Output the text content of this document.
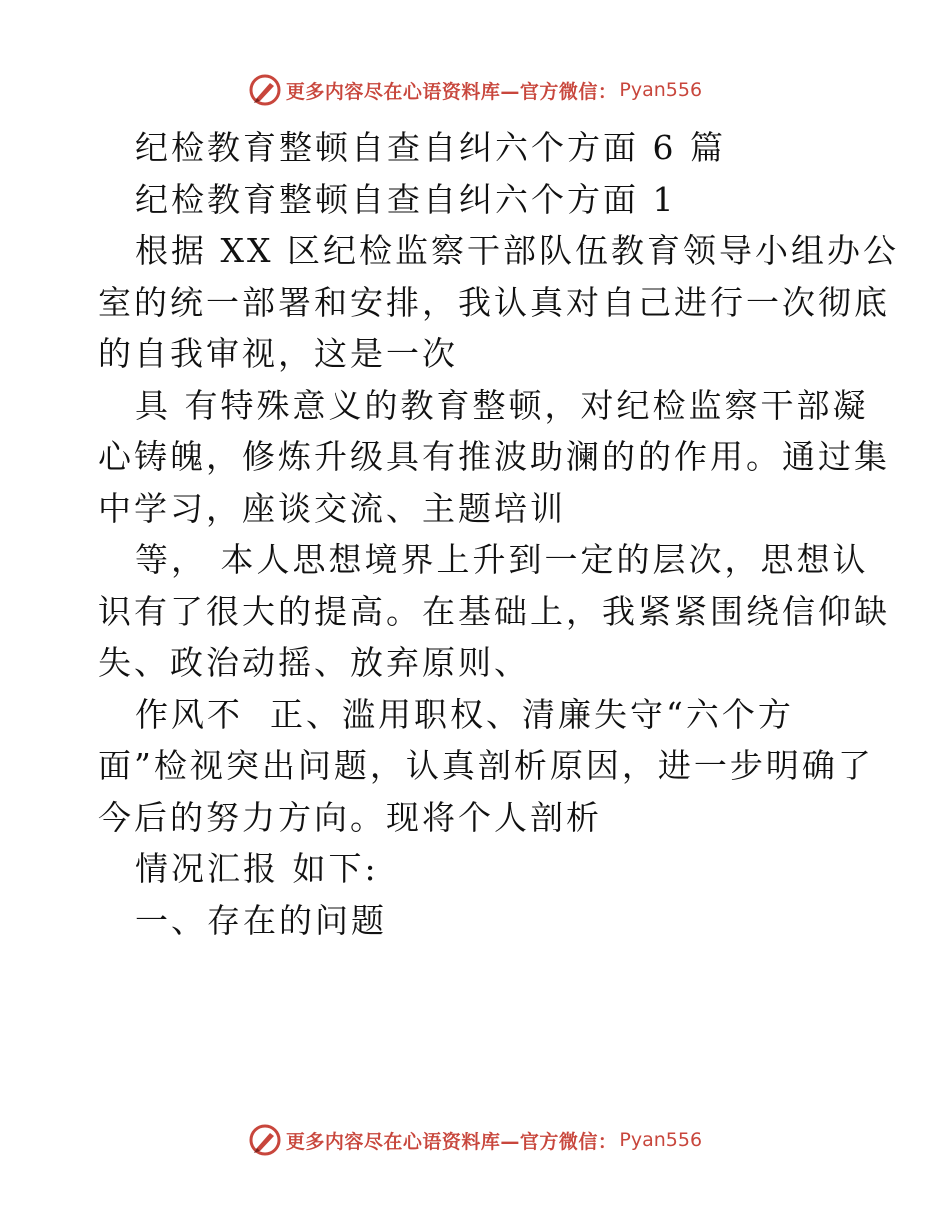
更多内容尽在心语资料库—官方微信： Pyan556
纪检教育整顿自查自纠六个方面 6 篇
纪检教育整顿自查自纠六个方面 1
根据 XX 区纪检监察干部队伍教育领导小组办公
室的统一部署和安排，我认真对自己进行一次彻底
的自我审视，这是一次
具 有特殊意义的教育整顿，对纪检监察干部凝
心铸魄，修炼升级具有推波助澜的的作用。通过集
中学习，座谈交流、主题培训
等， 本人思想境界上升到一定的层次，思想认
识有了很大的提高。在基础上，我紧紧围绕信仰缺
失、政治动摇、放弃原则、
作风不  正、滥用职权、清廉失守“六个方
面”检视突出问题，认真剖析原因，进一步明确了
今后的努力方向。现将个人剖析
情况汇报 如下:
一、存在的问题
更多内容尽在心语资料库—官方微信： Pyan556
